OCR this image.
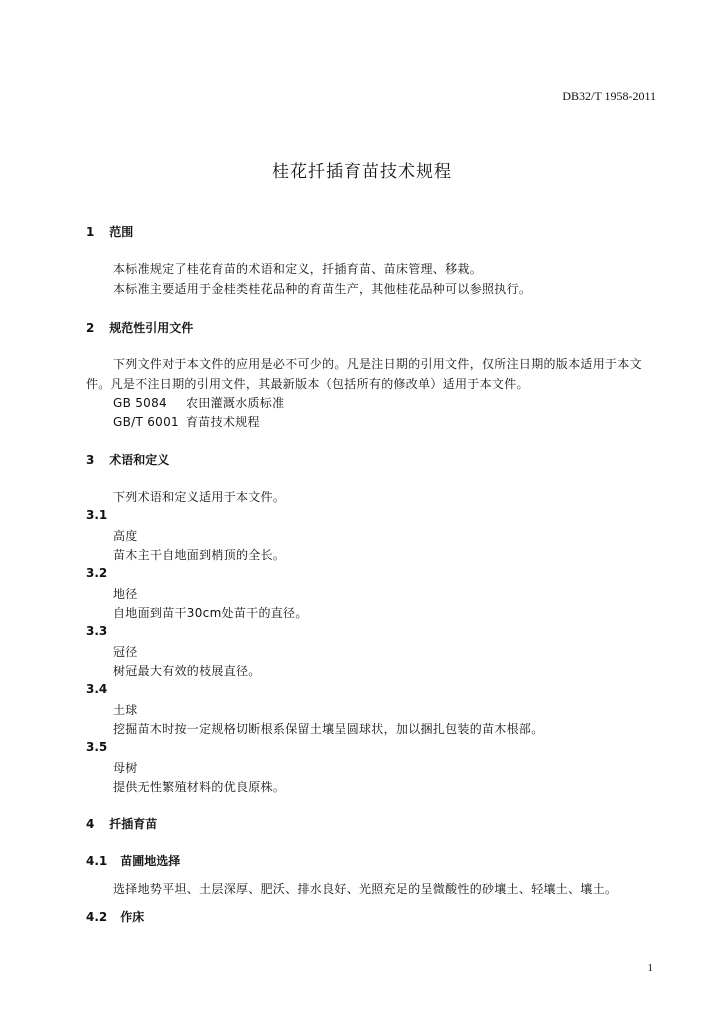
DB32/T 1958-2011
桂花扦插育苗技术规程
1 范围
本标准规定了桂花育苗的术语和定义，扦插育苗、苗床管理、移栽。
本标准主要适用于金桂类桂花品种的育苗生产，其他桂花品种可以参照执行。
2 规范性引用文件
下列文件对于本文件的应用是必不可少的。凡是注日期的引用文件，仅所注日期的版本适用于本文
件。凡是不注日期的引用文件，其最新版本（包括所有的修改单）适用于本文件。
GB 5084 农田灌溉水质标准
GB/T 6001 育苗技术规程
3 术语和定义
下列术语和定义适用于本文件。
3.1
高度
苗木主干自地面到梢顶的全长。
3.2
地径
自地面到苗干30cm处苗干的直径。
3.3
冠径
树冠最大有效的枝展直径。
3.4
土球
挖掘苗木时按一定规格切断根系保留土壤呈圆球状，加以捆扎包装的苗木根部。
3.5
母树
提供无性繁殖材料的优良原株。
4 扦插育苗
4.1 苗圃地选择
选择地势平坦、土层深厚、肥沃、排水良好、光照充足的呈微酸性的砂壤土、轻壤土、壤土。
4.2 作床
1
